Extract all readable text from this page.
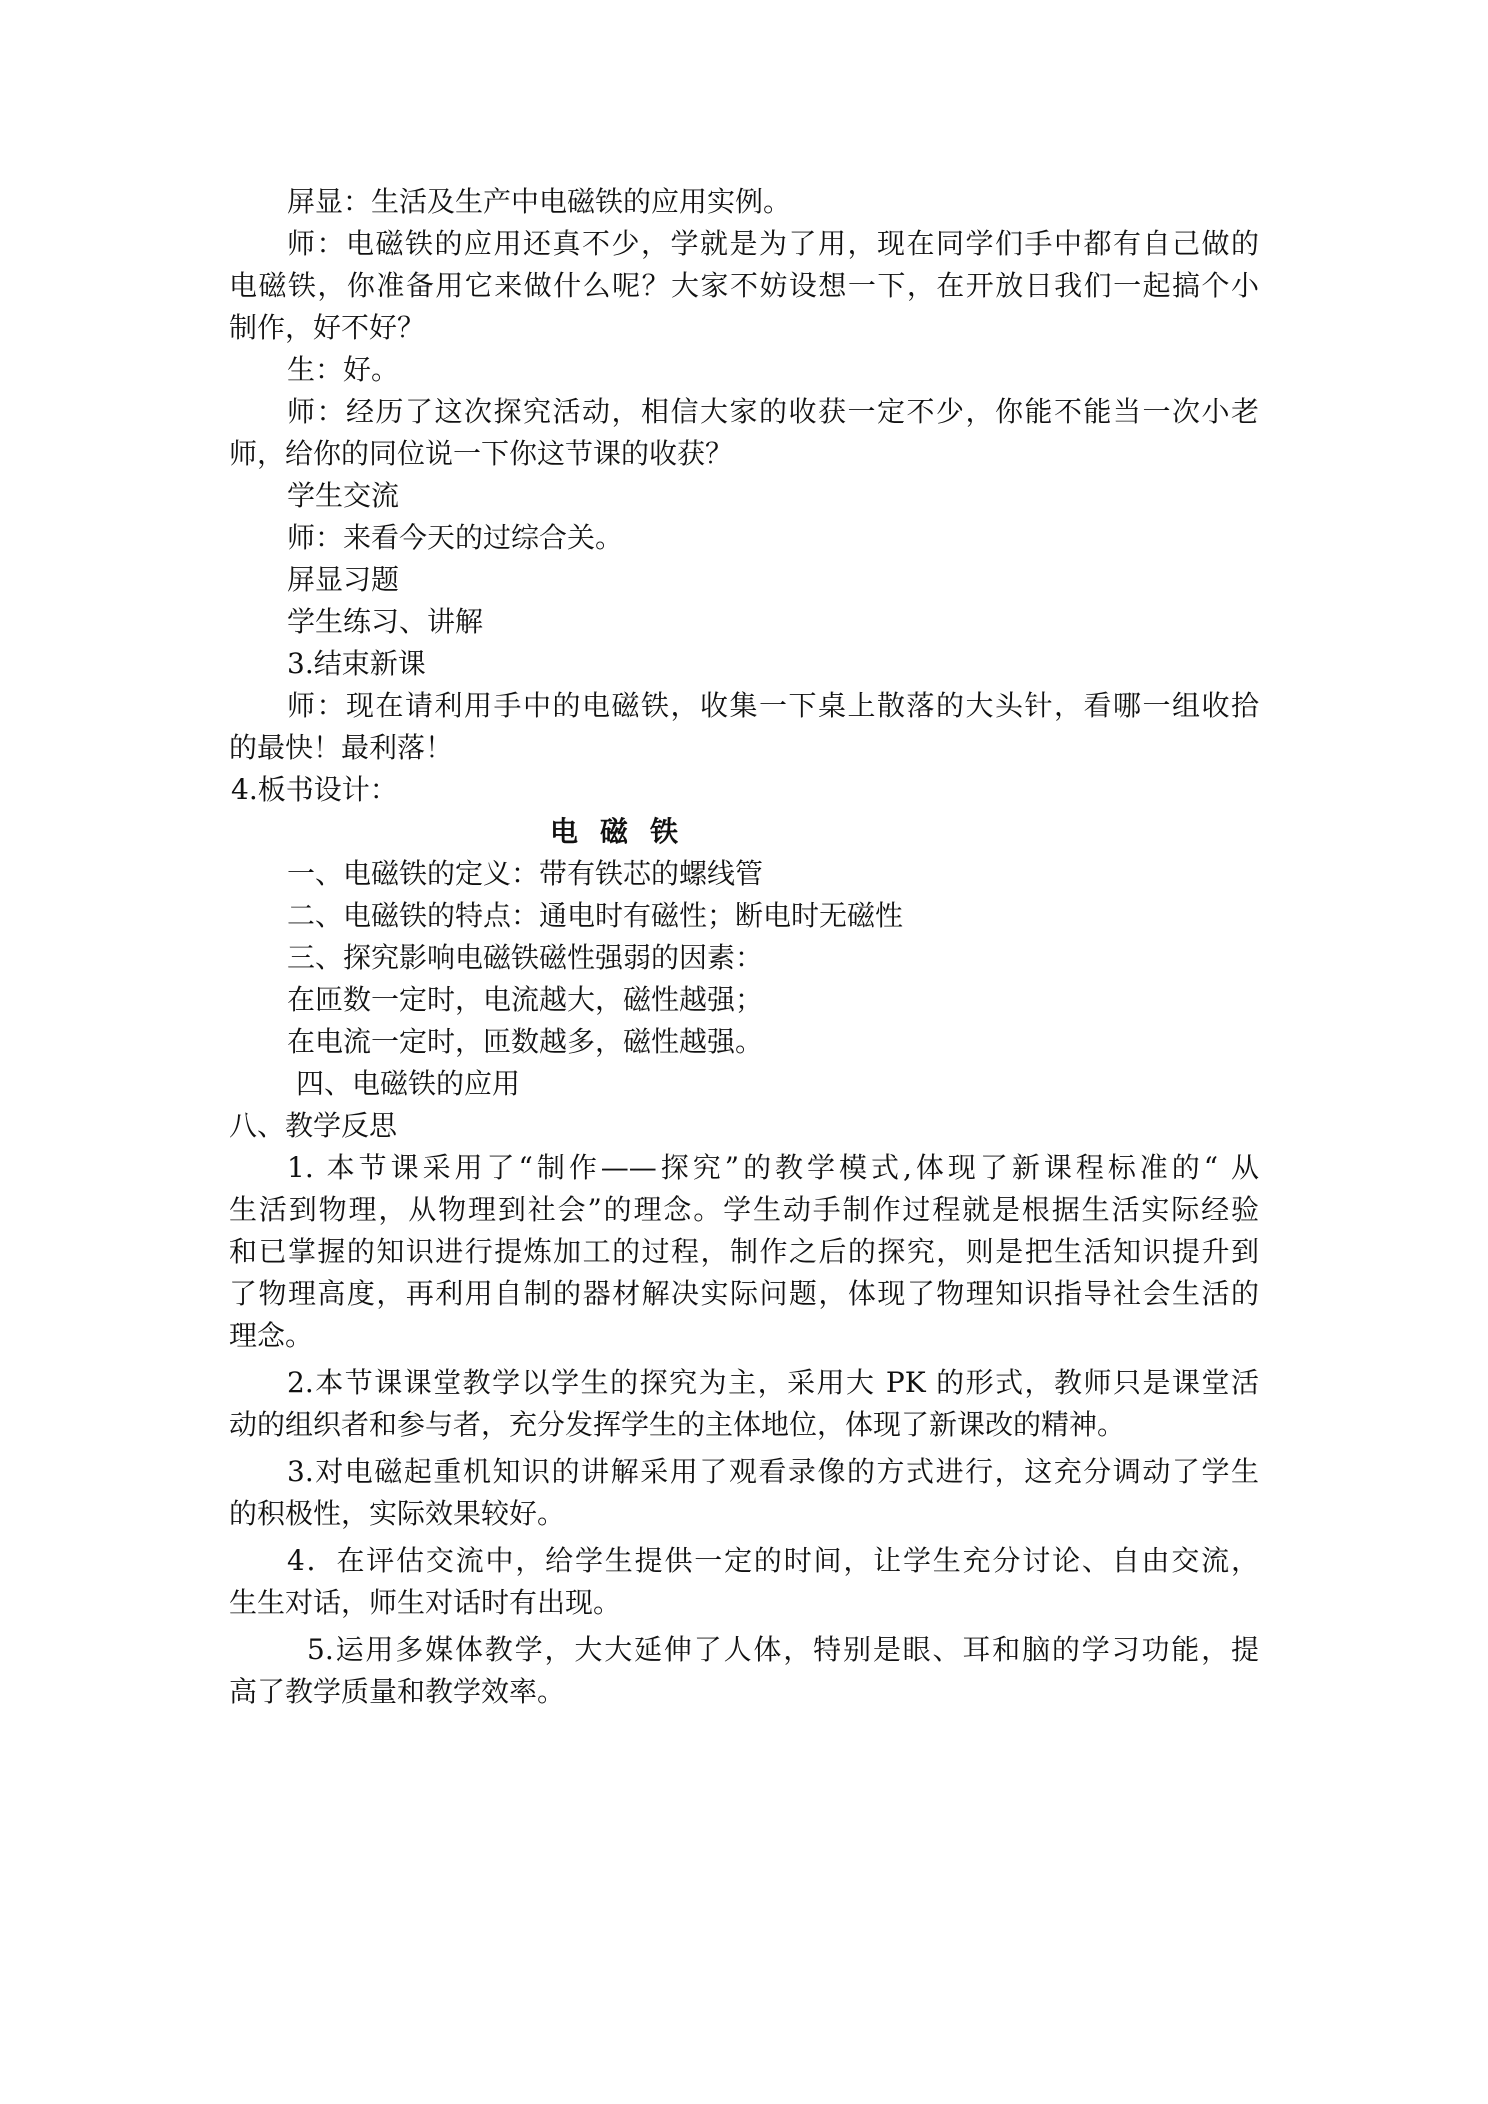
屏显：生活及生产中电磁铁的应用实例。
师：电磁铁的应用还真不少，学就是为了用，现在同学们手中都有自己做的
电磁铁，你准备用它来做什么呢？大家不妨设想一下，在开放日我们一起搞个小
制作，好不好？
生：好。
师：经历了这次探究活动，相信大家的收获一定不少，你能不能当一次小老
师，给你的同位说一下你这节课的收获？
学生交流
师：来看今天的过综合关。
屏显习题
学生练习、讲解
3.结束新课
师：现在请利用手中的电磁铁，收集一下桌上散落的大头针，看哪一组收拾
的最快！最利落！
4.板书设计：
电磁铁
一、电磁铁的定义：带有铁芯的螺线管
二、电磁铁的特点：通电时有磁性；断电时无磁性
三、探究影响电磁铁磁性强弱的因素：
在匝数一定时，电流越大，磁性越强；
在电流一定时，匝数越多，磁性越强。
四、电磁铁的应用
八、教学反思
1. 本节课采用了“制作——探究”的教学模式,体现了新课程标准的“ 从
生活到物理，从物理到社会”的理念。学生动手制作过程就是根据生活实际经验
和已掌握的知识进行提炼加工的过程，制作之后的探究，则是把生活知识提升到
了物理高度，再利用自制的器材解决实际问题，体现了物理知识指导社会生活的
理念。
2.本节课课堂教学以学生的探究为主，采用大 PK 的形式，教师只是课堂活
动的组织者和参与者，充分发挥学生的主体地位，体现了新课改的精神。
3.对电磁起重机知识的讲解采用了观看录像的方式进行，这充分调动了学生
的积极性，实际效果较好。
4．在评估交流中，给学生提供一定的时间，让学生充分讨论、自由交流，
生生对话，师生对话时有出现。
5.运用多媒体教学，大大延伸了人体，特别是眼、耳和脑的学习功能，提
高了教学质量和教学效率。
